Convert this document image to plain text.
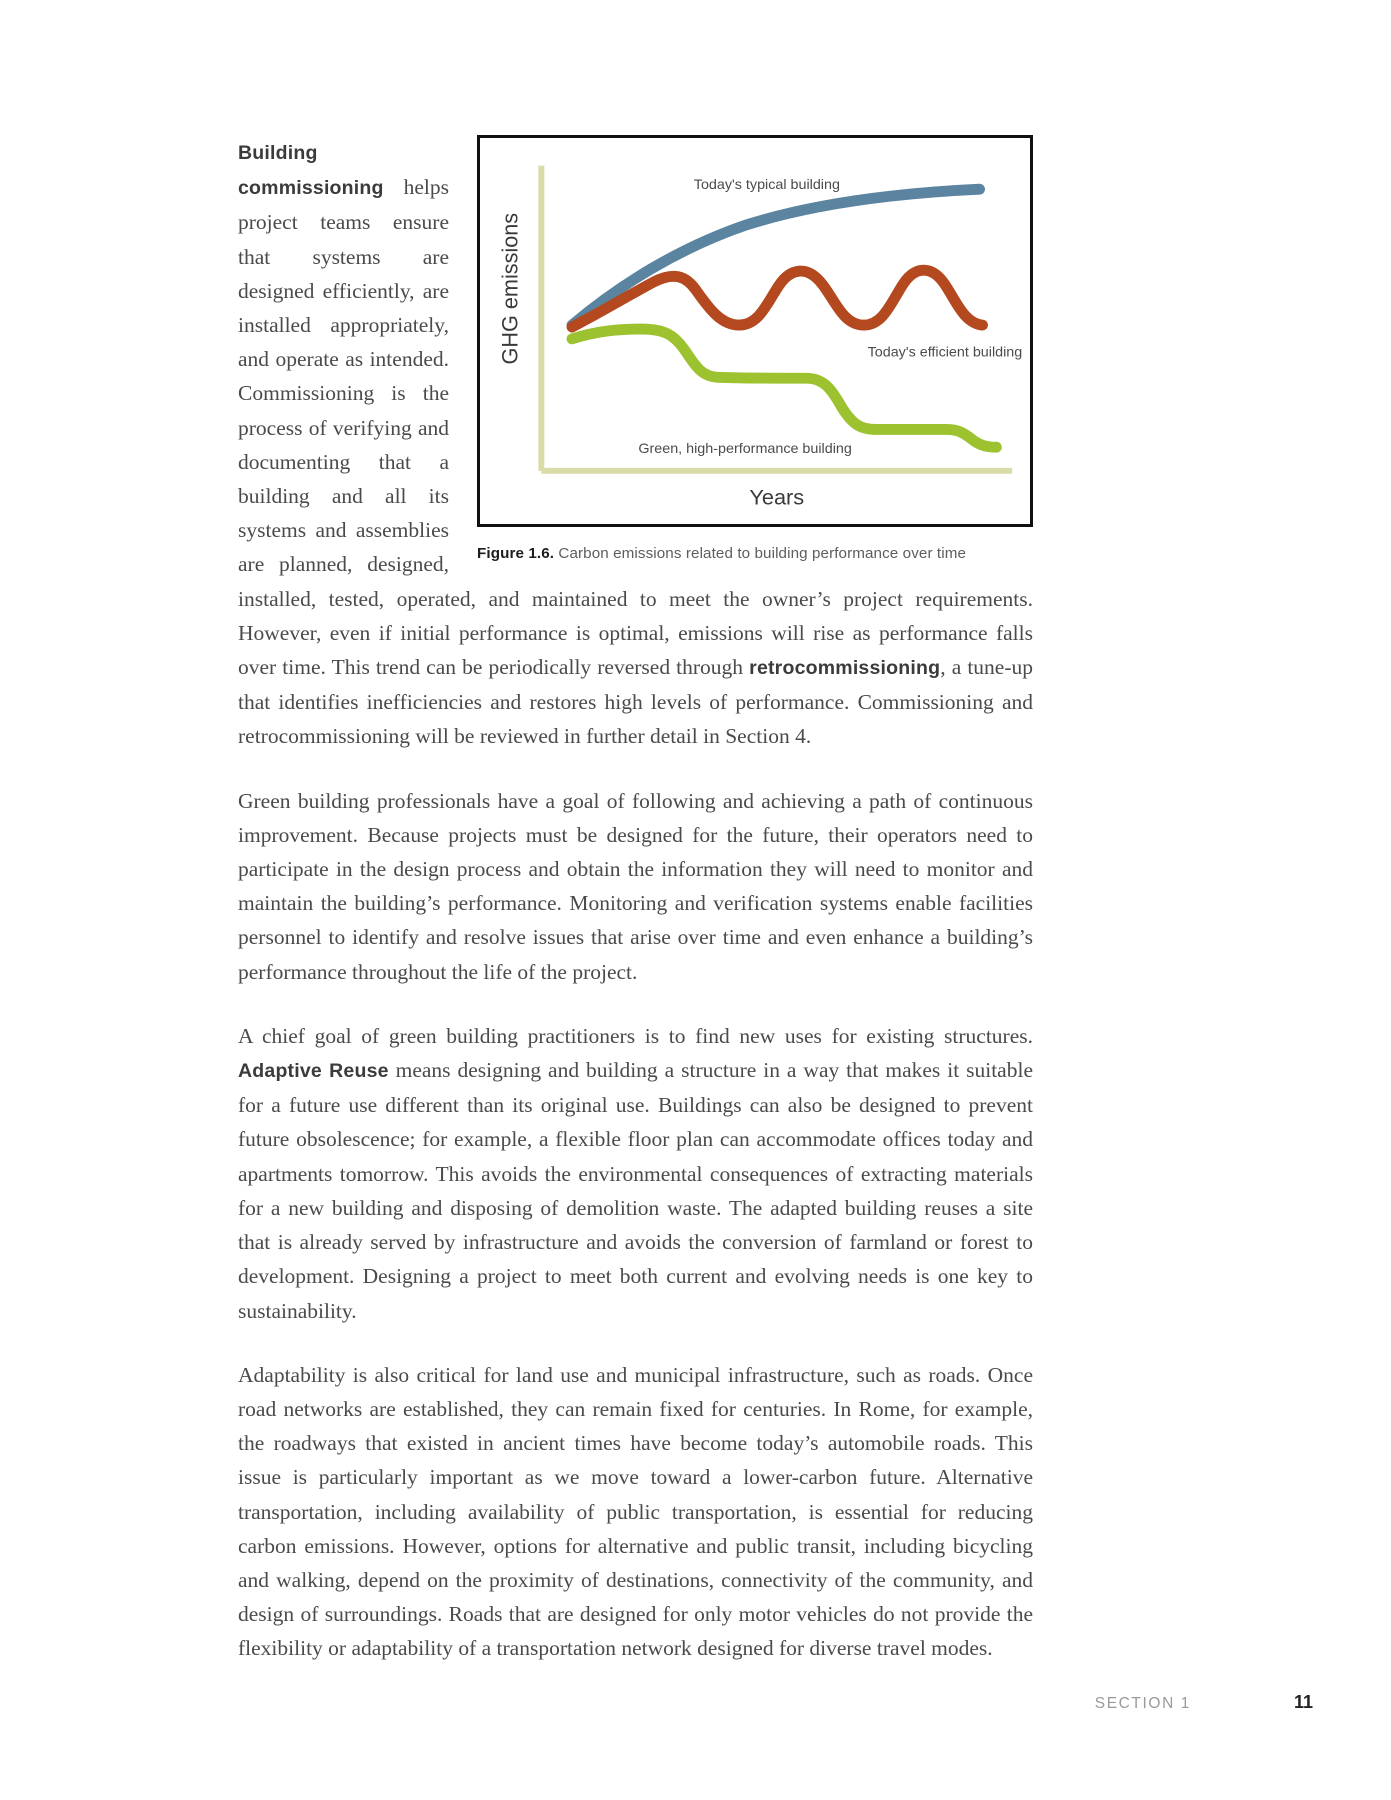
GHG emissions
Years
Today's typical building
Today's efficient building
Green, high-performance building
Figure 1.6. Carbon emissions related to building performance over time

Building commissioning helps project teams ensure that systems are designed efficiently, are installed appropriately, and operate as intended. Commissioning is the process of verifying and documenting that a building and all its systems and assemblies are planned, designed, installed, tested, operated, and maintained to meet the owner’s project requirements. However, even if initial performance is optimal, emissions will rise as performance falls over time. This trend can be periodically reversed through retrocommissioning, a tune-up that identifies inefficiencies and restores high levels of performance. Commissioning and retrocommissioning will be reviewed in further detail in Section 4.

Green building professionals have a goal of following and achieving a path of continuous improvement. Because projects must be designed for the future, their operators need to participate in the design process and obtain the information they will need to monitor and maintain the building’s performance. Monitoring and verification systems enable facilities personnel to identify and resolve issues that arise over time and even enhance a building’s performance throughout the life of the project.

A chief goal of green building practitioners is to find new uses for existing structures. Adaptive Reuse means designing and building a structure in a way that makes it suitable for a future use different than its original use. Buildings can also be designed to prevent future obsolescence; for example, a flexible floor plan can accommodate offices today and apartments tomorrow. This avoids the environmental consequences of extracting materials for a new building and disposing of demolition waste. The adapted building reuses a site that is already served by infrastructure and avoids the conversion of farmland or forest to development. Designing a project to meet both current and evolving needs is one key to sustainability.

Adaptability is also critical for land use and municipal infrastructure, such as roads. Once road networks are established, they can remain fixed for centuries. In Rome, for example, the roadways that existed in ancient times have become today’s automobile roads. This issue is particularly important as we move toward a lower-carbon future. Alternative transportation, including availability of public transportation, is essential for reducing carbon emissions. However, options for alternative and public transit, including bicycling and walking, depend on the proximity of destinations, connectivity of the community, and design of surroundings. Roads that are designed for only motor vehicles do not provide the flexibility or adaptability of a transportation network designed for diverse travel modes.

SECTION 1	11
